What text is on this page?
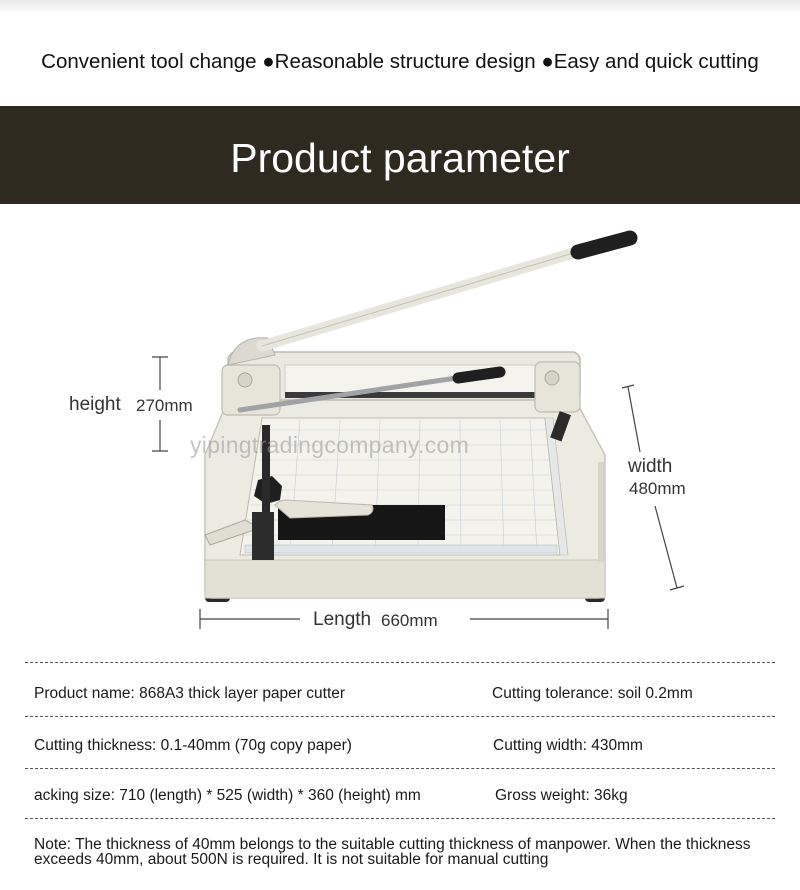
Convenient tool change ●Reasonable structure design ●Easy and quick cutting
Product parameter
yipingtradingcompany.com
height 270mm
width
480mm
Length 660mm
Product name: 868A3 thick layer paper cutter	Cutting tolerance: soil 0.2mm
Cutting thickness: 0.1-40mm (70g copy paper)	Cutting width: 430mm
acking size: 710 (length) * 525 (width) * 360 (height) mm	Gross weight: 36kg
Note: The thickness of 40mm belongs to the suitable cutting thickness of manpower. When the thickness exceeds 40mm, about 500N is required. It is not suitable for manual cutting
